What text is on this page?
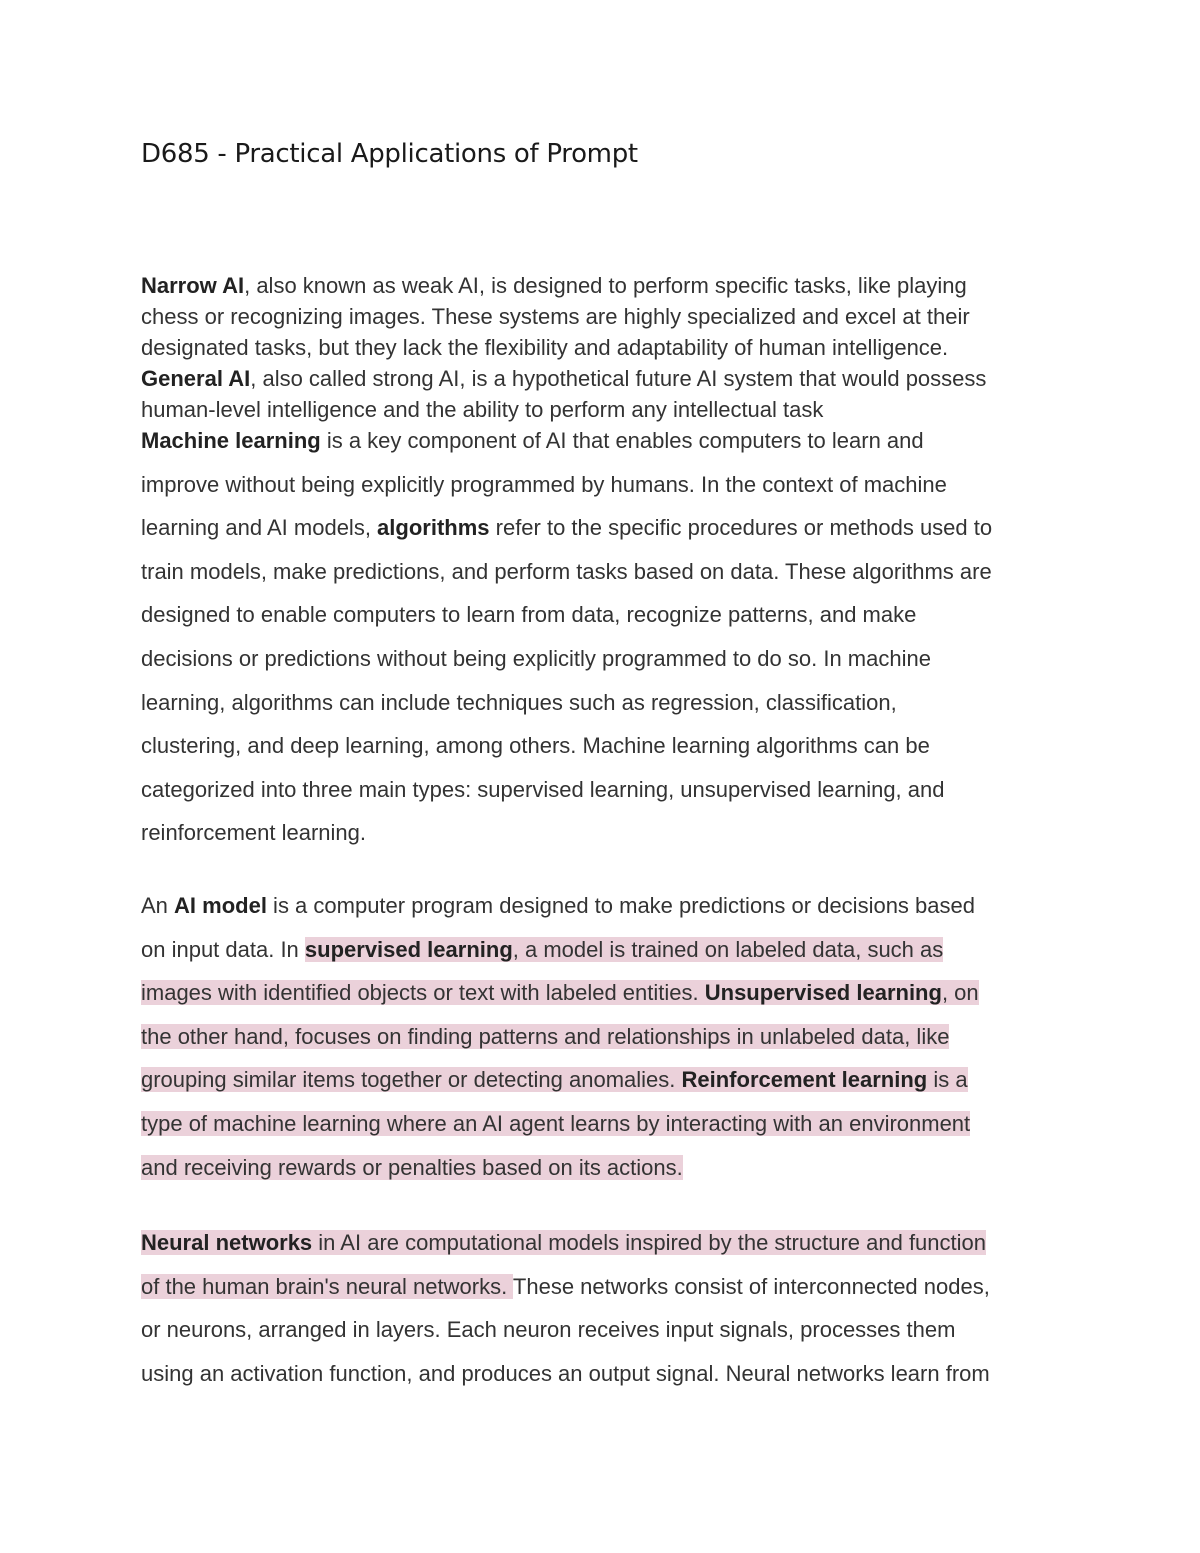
D685 - Practical Applications of Prompt
Narrow AI, also known as weak AI, is designed to perform specific tasks, like playing
chess or recognizing images. These systems are highly specialized and excel at their
designated tasks, but they lack the flexibility and adaptability of human intelligence.
General AI, also called strong AI, is a hypothetical future AI system that would possess
human-level intelligence and the ability to perform any intellectual task
Machine learning is a key component of AI that enables computers to learn and
improve without being explicitly programmed by humans. In the context of machine
learning and AI models, algorithms refer to the specific procedures or methods used to
train models, make predictions, and perform tasks based on data. These algorithms are
designed to enable computers to learn from data, recognize patterns, and make
decisions or predictions without being explicitly programmed to do so. In machine
learning, algorithms can include techniques such as regression, classification,
clustering, and deep learning, among others. Machine learning algorithms can be
categorized into three main types: supervised learning, unsupervised learning, and
reinforcement learning.
An AI model is a computer program designed to make predictions or decisions based
on input data. In supervised learning, a model is trained on labeled data, such as
images with identified objects or text with labeled entities. Unsupervised learning, on
the other hand, focuses on finding patterns and relationships in unlabeled data, like
grouping similar items together or detecting anomalies. Reinforcement learning is a
type of machine learning where an AI agent learns by interacting with an environment
and receiving rewards or penalties based on its actions.
Neural networks in AI are computational models inspired by the structure and function
of the human brain's neural networks. These networks consist of interconnected nodes,
or neurons, arranged in layers. Each neuron receives input signals, processes them
using an activation function, and produces an output signal. Neural networks learn from
